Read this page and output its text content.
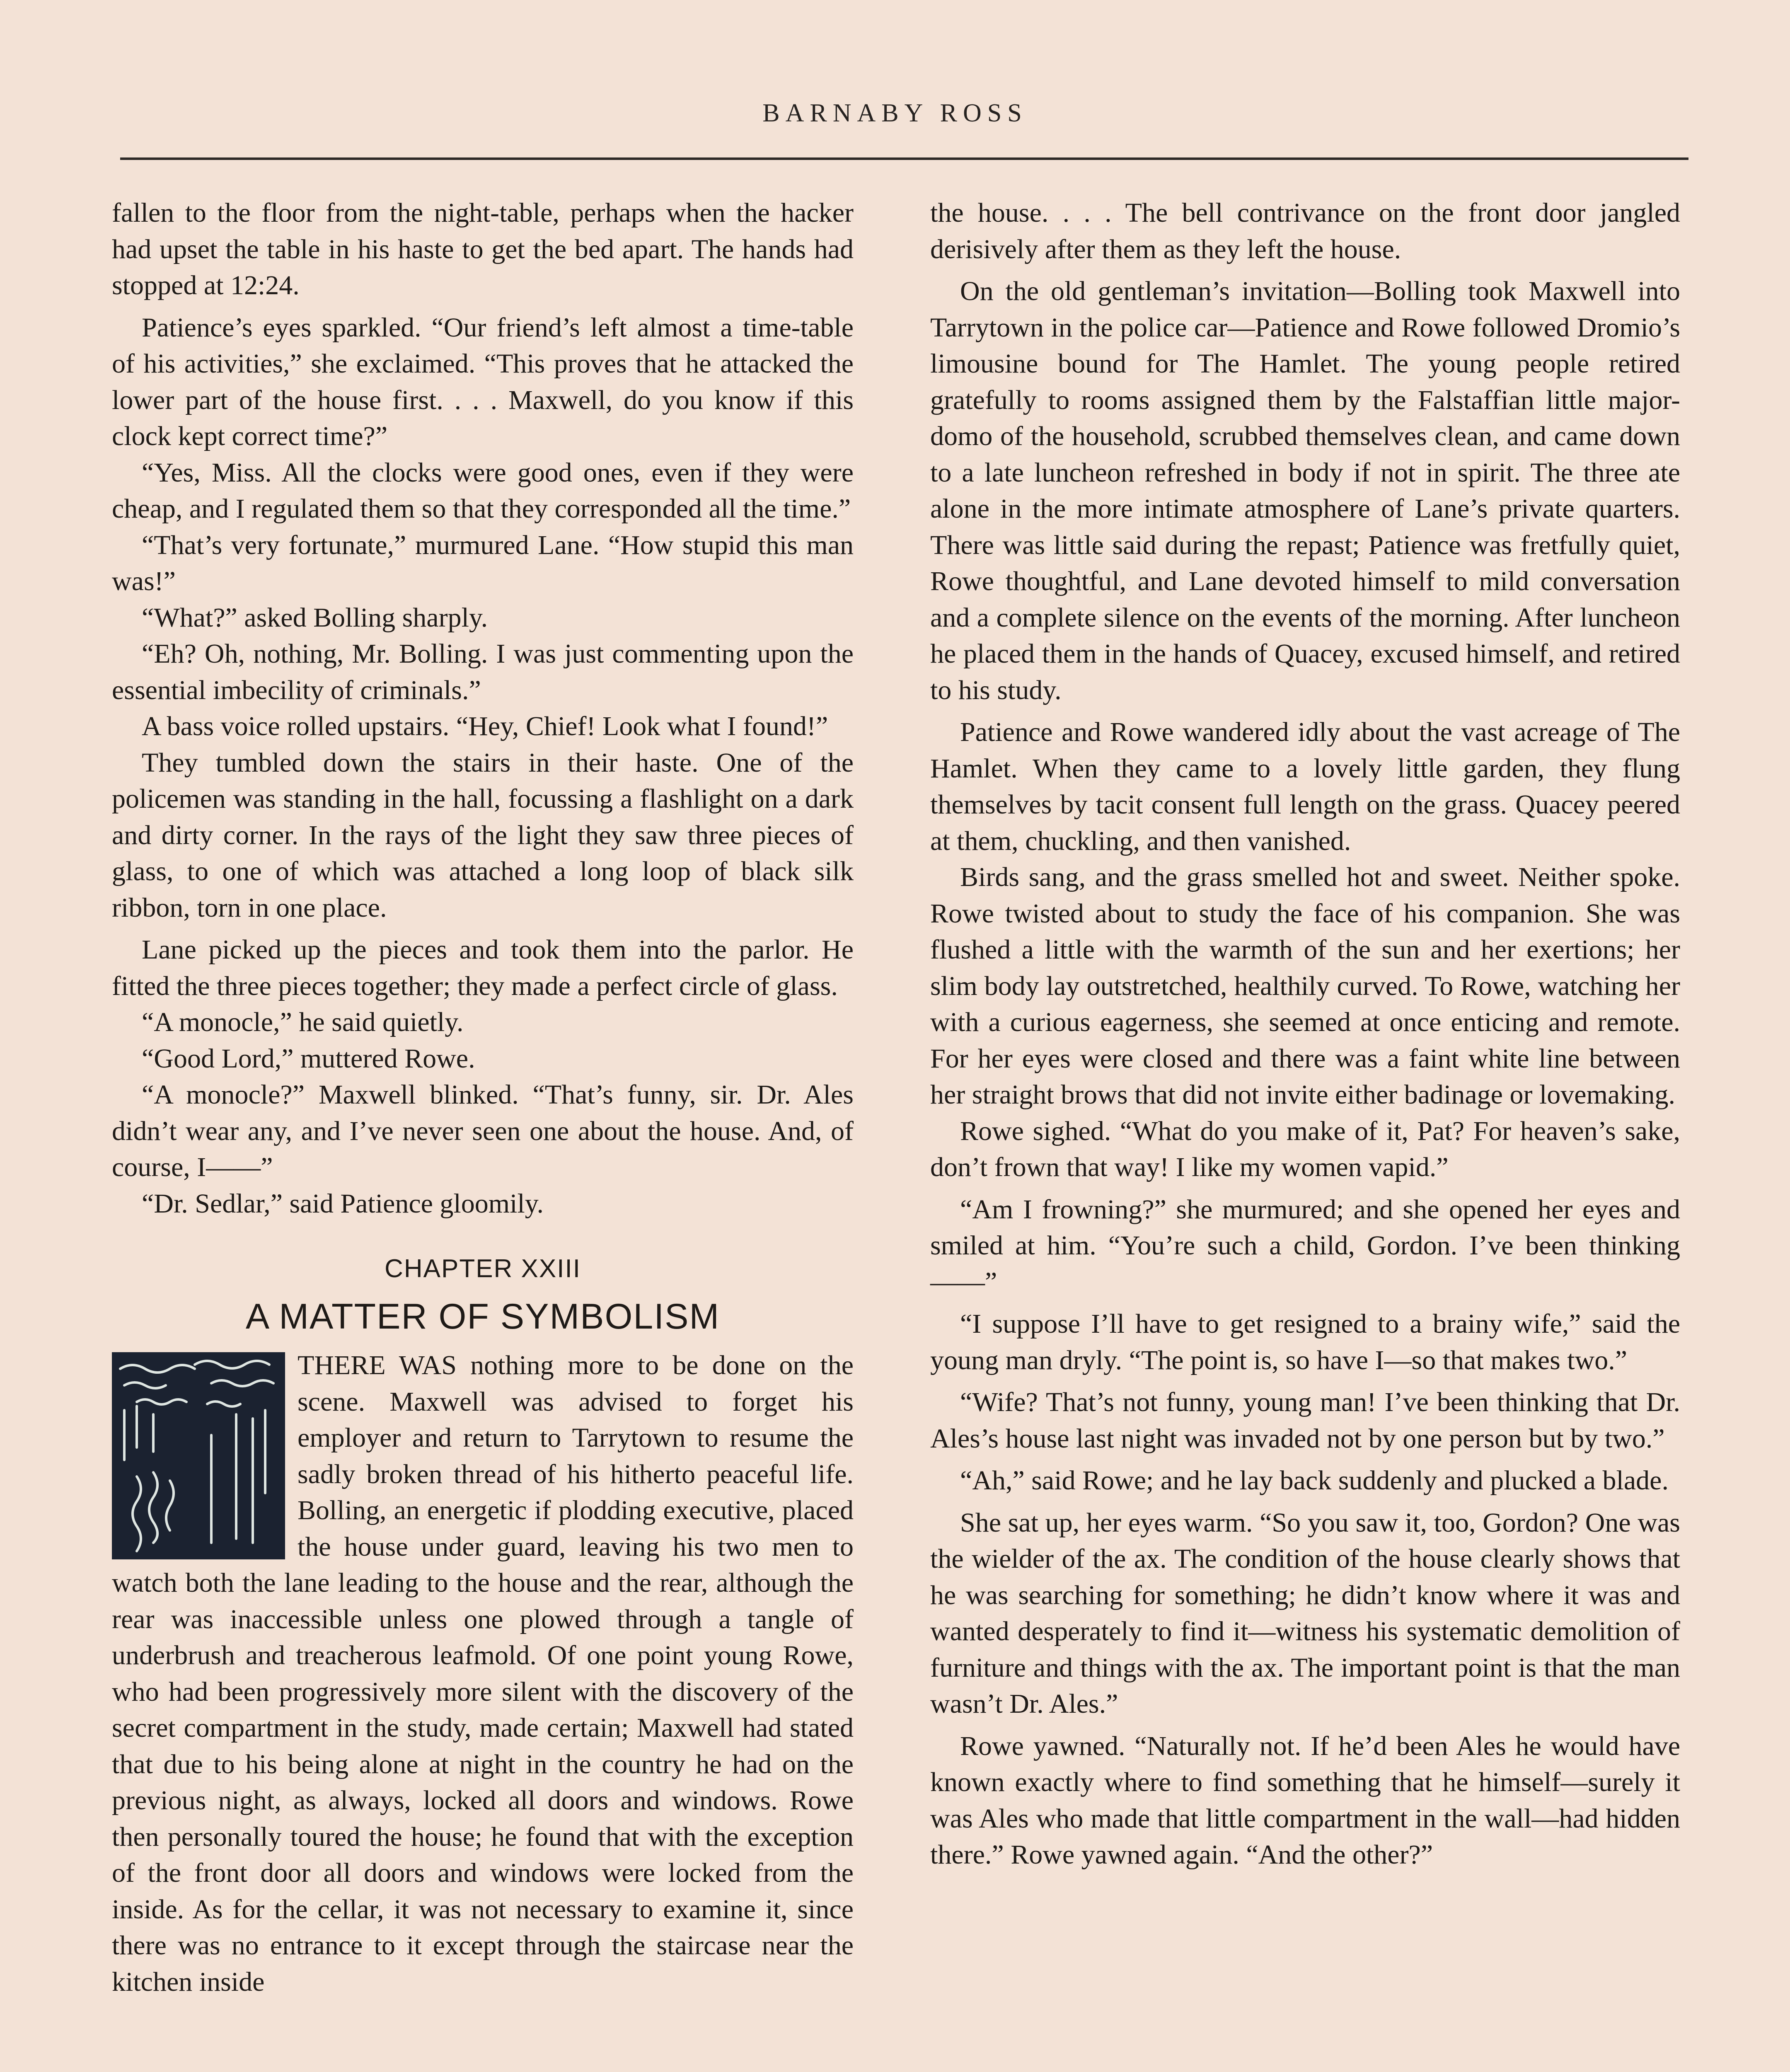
BARNABY ROSS

fallen to the floor from the night-table, perhaps when the hacker had upset the table in his haste to get the bed apart. The hands had stopped at 12:24.

Patience’s eyes sparkled. “Our friend’s left almost a time-table of his activities,” she exclaimed. “This proves that he attacked the lower part of the house first. . . . Maxwell, do you know if this clock kept correct time?”

“Yes, Miss. All the clocks were good ones, even if they were cheap, and I regulated them so that they corresponded all the time.”

“That’s very fortunate,” murmured Lane. “How stupid this man was!”

“What?” asked Bolling sharply.

“Eh? Oh, nothing, Mr. Bolling. I was just commenting upon the essential imbecility of criminals.”

A bass voice rolled upstairs. “Hey, Chief! Look what I found!”

They tumbled down the stairs in their haste. One of the policemen was standing in the hall, focussing a flashlight on a dark and dirty corner. In the rays of the light they saw three pieces of glass, to one of which was attached a long loop of black silk ribbon, torn in one place.

Lane picked up the pieces and took them into the parlor. He fitted the three pieces together; they made a perfect circle of glass.

“A monocle,” he said quietly.

“Good Lord,” muttered Rowe.

“A monocle?” Maxwell blinked. “That’s funny, sir. Dr. Ales didn’t wear any, and I’ve never seen one about the house. And, of course, I——”

“Dr. Sedlar,” said Patience gloomily.

CHAPTER XXIII
A MATTER OF SYMBOLISM

THERE WAS nothing more to be done on the scene. Maxwell was advised to forget his employer and return to Tarrytown to resume the sadly broken thread of his hitherto peaceful life. Bolling, an energetic if plodding executive, placed the house under guard, leaving his two men to watch both the lane leading to the house and the rear, although the rear was inaccessible unless one plowed through a tangle of underbrush and treacherous leafmold. Of one point young Rowe, who had been progressively more silent with the discovery of the secret compartment in the study, made certain; Maxwell had stated that due to his being alone at night in the country he had on the previous night, as always, locked all doors and windows. Rowe then personally toured the house; he found that with the exception of the front door all doors and windows were locked from the inside. As for the cellar, it was not necessary to examine it, since there was no entrance to it except through the staircase near the kitchen inside

the house. . . . The bell contrivance on the front door jangled derisively after them as they left the house.

On the old gentleman’s invitation—Bolling took Maxwell into Tarrytown in the police car—Patience and Rowe followed Dromio’s limousine bound for The Hamlet. The young people retired gratefully to rooms assigned them by the Falstaffian little major-domo of the household, scrubbed themselves clean, and came down to a late luncheon refreshed in body if not in spirit. The three ate alone in the more intimate atmosphere of Lane’s private quarters. There was little said during the repast; Patience was fretfully quiet, Rowe thoughtful, and Lane devoted himself to mild conversation and a complete silence on the events of the morning. After luncheon he placed them in the hands of Quacey, excused himself, and retired to his study.

Patience and Rowe wandered idly about the vast acreage of The Hamlet. When they came to a lovely little garden, they flung themselves by tacit consent full length on the grass. Quacey peered at them, chuckling, and then vanished.

Birds sang, and the grass smelled hot and sweet. Neither spoke. Rowe twisted about to study the face of his companion. She was flushed a little with the warmth of the sun and her exertions; her slim body lay outstretched, healthily curved. To Rowe, watching her with a curious eagerness, she seemed at once enticing and remote. For her eyes were closed and there was a faint white line between her straight brows that did not invite either badinage or lovemaking.

Rowe sighed. “What do you make of it, Pat? For heaven’s sake, don’t frown that way! I like my women vapid.”

“Am I frowning?” she murmured; and she opened her eyes and smiled at him. “You’re such a child, Gordon. I’ve been thinking——”

“I suppose I’ll have to get resigned to a brainy wife,” said the young man dryly. “The point is, so have I—so that makes two.”

“Wife? That’s not funny, young man! I’ve been thinking that Dr. Ales’s house last night was invaded not by one person but by two.”

“Ah,” said Rowe; and he lay back suddenly and plucked a blade.

She sat up, her eyes warm. “So you saw it, too, Gordon? One was the wielder of the ax. The condition of the house clearly shows that he was searching for something; he didn’t know where it was and wanted desperately to find it—witness his systematic demolition of furniture and things with the ax. The important point is that the man wasn’t Dr. Ales.”

Rowe yawned. “Naturally not. If he’d been Ales he would have known exactly where to find something that he himself—surely it was Ales who made that little compartment in the wall—had hidden there.” Rowe yawned again. “And the other?”
